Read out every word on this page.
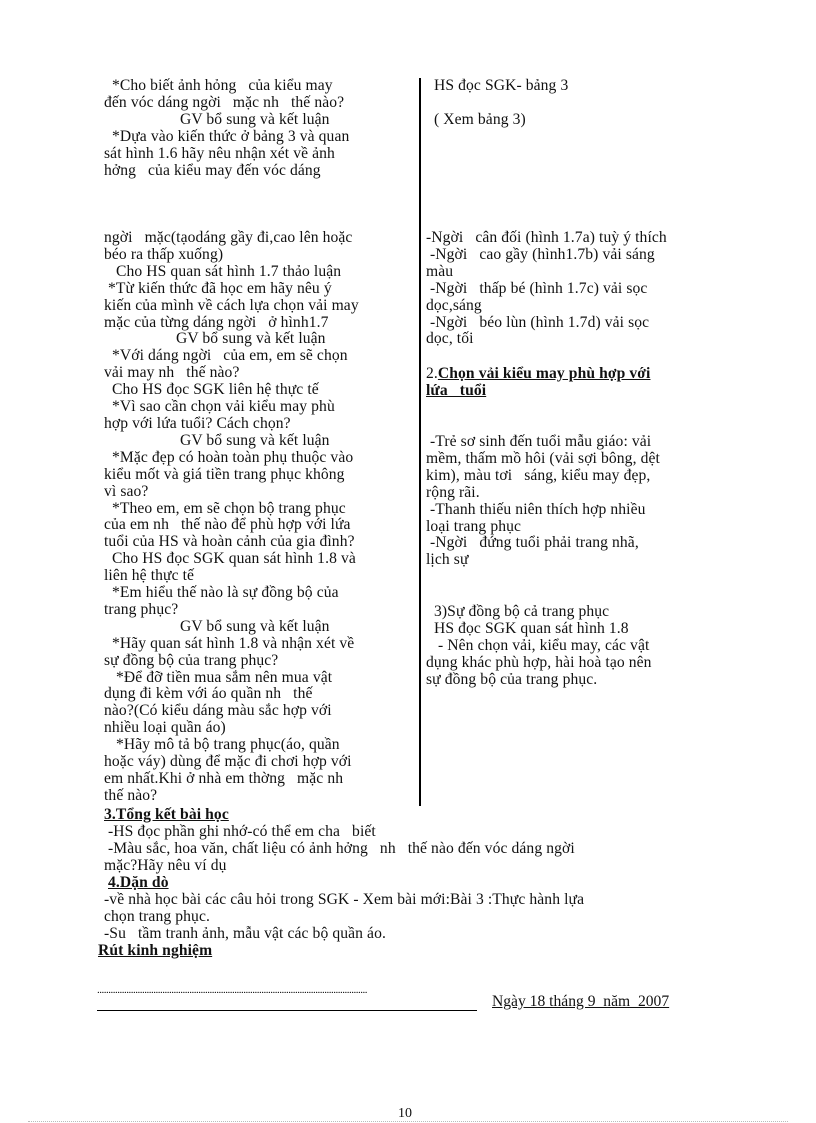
*Cho biết ảnh hỏng   của kiểu may
đến vóc dáng ngời   mặc nh   thế nào?
GV bổ sung và kết luận
*Dựa vào kiến thức ở bảng 3 và quan
sát hình 1.6 hãy nêu nhận xét về ảnh
hởng   của kiểu may đến vóc dáng
ngời   mặc(tạodáng gầy đi,cao lên hoặc
béo ra thấp xuống)
Cho HS quan sát hình 1.7 thảo luận
*Từ kiến thức đã học em hãy nêu ý
kiến của mình về cách lựa chọn vải may
mặc của từng dáng ngời   ở hình1.7
GV bổ sung và kết luận
*Với dáng ngời   của em, em sẽ chọn
vải may nh   thế nào?
Cho HS đọc SGK liên hệ thực tế
*Vì sao cần chọn vải kiểu may phù
hợp với lứa tuổi? Cách chọn?
GV bổ sung và kết luận
*Mặc đẹp có hoàn toàn phụ thuộc vào
kiểu mốt và giá tiền trang phục không
vì sao?
*Theo em, em sẽ chọn bộ trang phục
của em nh   thế nào để phù hợp với lứa
tuổi của HS và hoàn cảnh của gia đình?
Cho HS đọc SGK quan sát hình 1.8 và
liên hệ thực tế
*Em hiểu thế nào là sự đồng bộ của
trang phục?
GV bổ sung và kết luận
*Hãy quan sát hình 1.8 và nhận xét về
sự đồng bộ của trang phục?
*Để đỡ tiền mua sắm nên mua vật
dụng đi kèm với áo quần nh   thế
nào?(Có kiểu dáng màu sắc hợp với
nhiều loại quần áo)
*Hãy mô tả bộ trang phục(áo, quần
hoặc váy) dùng để mặc đi chơi hợp với
em nhất.Khi ở nhà em thờng   mặc nh
thế nào?
HS đọc SGK- bảng 3

( Xem bảng 3)
-Ngời   cân đối (hình 1.7a) tuỳ ý thích
-Ngời   cao gầy (hình1.7b) vải sáng
màu
-Ngời   thấp bé (hình 1.7c) vải sọc
dọc,sáng
-Ngời   béo lùn (hình 1.7d) vải sọc
dọc, tối
2.Chọn vải kiểu may phù hợp với
lứa   tuổi
-Trẻ sơ sinh đến tuổi mẫu giáo: vải
mềm, thấm mồ hôi (vải sợi bông, dệt
kim), màu tơi   sáng, kiểu may đẹp,
rộng rãi.
-Thanh thiếu niên thích hợp nhiều
loại trang phục
-Ngời   đứng tuổi phải trang nhã,
lịch sự
3)Sự đồng bộ cả trang phục
HS đọc SGK quan sát hình 1.8
- Nên chọn vải, kiểu may, các vật
dụng khác phù hợp, hài hoà tạo nên
sự đồng bộ của trang phục.
3.Tổng kết bài học
-HS đọc phần ghi nhớ-có thể em cha   biết
-Màu sắc, hoa văn, chất liệu có ảnh hởng   nh   thế nào đến vóc dáng ngời
mặc?Hãy nêu ví dụ
4.Dặn dò
-về nhà học bài các câu hỏi trong SGK - Xem bài mới:Bài 3 :Thực hành lựa
chọn trang phục.
-Su   tầm tranh ảnh, mẫu vật các bộ quần áo.
Rút kinh nghiệm
........................................................................................................................
Ngày 18 tháng 9  năm  2007
10
